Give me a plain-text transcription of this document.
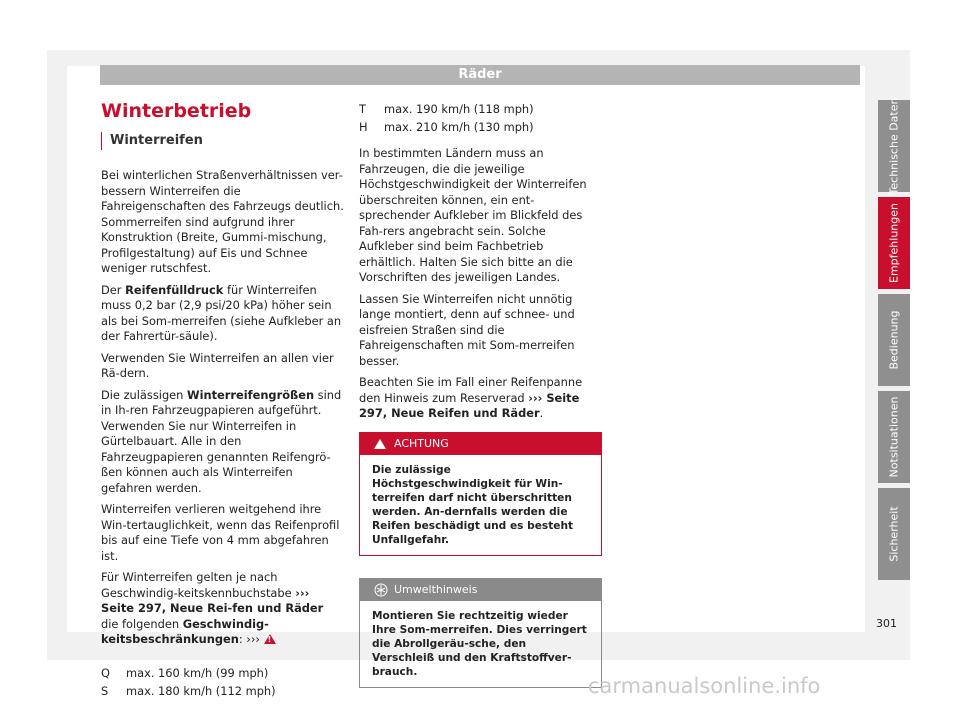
Räder
Winterbetrieb
Winterreifen

Bei winterlichen Straßenverhältnissen ver-bessern Winterreifen die Fahreigenschaften des Fahrzeugs deutlich. Sommerreifen sind aufgrund ihrer Konstruktion (Breite, Gummi-mischung, Profilgestaltung) auf Eis und Schnee weniger rutschfest.

Der Reifenfülldruck für Winterreifen muss 0,2 bar (2,9 psi/20 kPa) höher sein als bei Som-merreifen (siehe Aufkleber an der Fahrertür-säule).

Verwenden Sie Winterreifen an allen vier Rä-dern.

Die zulässigen Winterreifengrößen sind in Ih-ren Fahrzeugpapieren aufgeführt. Verwenden Sie nur Winterreifen in Gürtelbauart. Alle in den Fahrzeugpapieren genannten Reifengrö-ßen können auch als Winterreifen gefahren werden.

Winterreifen verlieren weitgehend ihre Win-tertauglichkeit, wenn das Reifenprofil bis auf eine Tiefe von 4 mm abgefahren ist.

Für Winterreifen gelten je nach Geschwindig-keitskennbuchstabe ››› Seite 297, Neue Rei-fen und Räder die folgenden Geschwindig-keitsbeschränkungen: ››› !

Q	max. 160 km/h (99 mph)
S	max. 180 km/h (112 mph)
T	max. 190 km/h (118 mph)
H	max. 210 km/h (130 mph)

In bestimmten Ländern muss an Fahrzeugen, die die jeweilige Höchstgeschwindigkeit der Winterreifen überschreiten können, ein ent-sprechender Aufkleber im Blickfeld des Fah-rers angebracht sein. Solche Aufkleber sind beim Fachbetrieb erhältlich. Halten Sie sich bitte an die Vorschriften des jeweiligen Landes.

Lassen Sie Winterreifen nicht unnötig lange montiert, denn auf schnee- und eisfreien Straßen sind die Fahreigenschaften mit Som-merreifen besser.

Beachten Sie im Fall einer Reifenpanne den Hinweis zum Reserverad ››› Seite 297, Neue Reifen und Räder.

ACHTUNG
Die zulässige Höchstgeschwindigkeit für Win-terreifen darf nicht überschritten werden. An-dernfalls werden die Reifen beschädigt und es besteht Unfallgefahr.
Umwelthinweis
Montieren Sie rechtzeitig wieder Ihre Som-merreifen. Dies verringert die Abrollgeräu-sche, den Verschleiß und den Kraftstoffver-brauch.
Technische Daten
Empfehlungen
Bedienung
Notsituationen
Sicherheit
301
carmanualsonline.info
